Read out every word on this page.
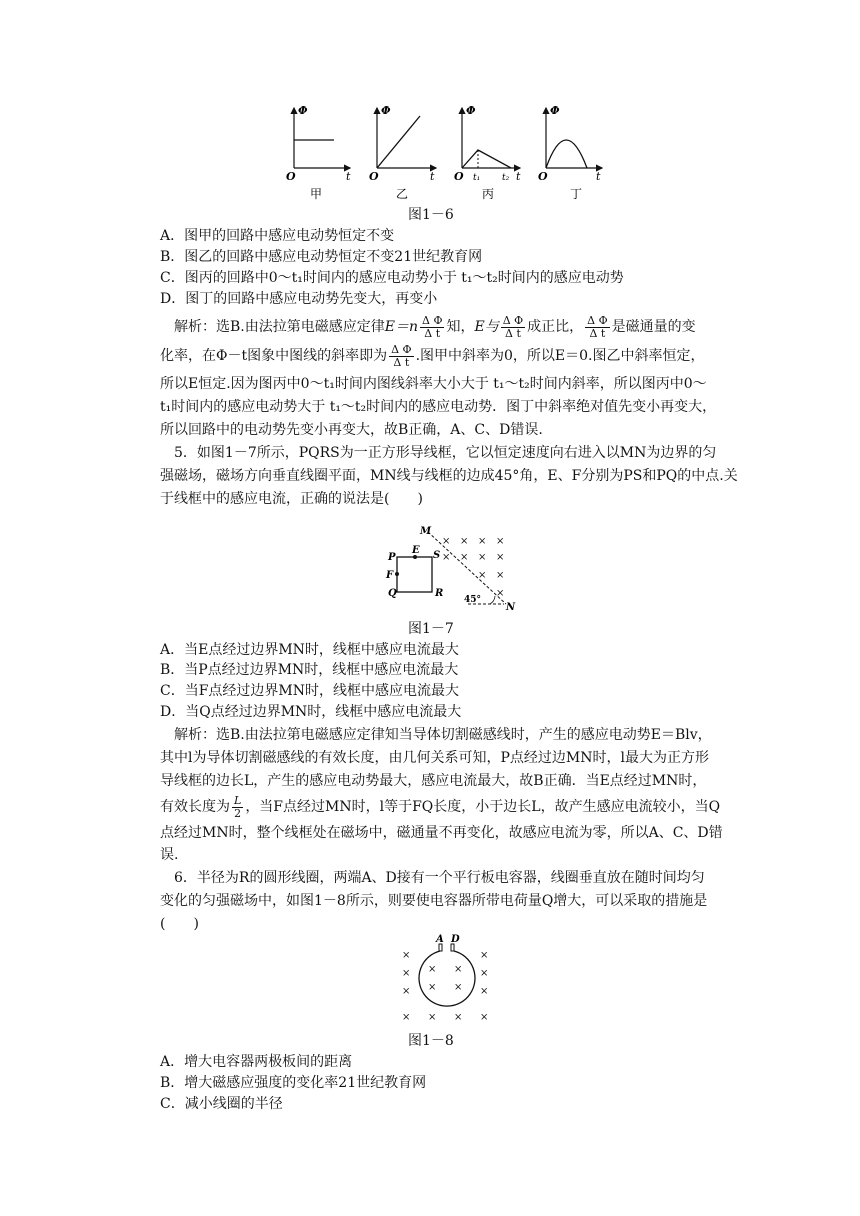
Φ
O	t
甲
Φ
O	t
乙
Φ
O t₁ t₂ t
丙
Φ
O	t
丁
图1－6
A．图甲的回路中感应电动势恒定不变
B．图乙的回路中感应电动势恒定不变21世纪教育网
C．图丙的回路中0～t₁时间内的感应电动势小于 t₁～t₂时间内的感应电动势
D．图丁的回路中感应电动势先变大，再变小
解析：选B.由法拉第电磁感应定律$E=n \frac{\text{Δ Φ}}{\text{Δ t}}$ 知，E与 $\frac{\text{Δ Φ}}{\text{Δ t}}$ 成正比， $\frac{\text{Δ Φ}}{\text{Δ t}}$ 是磁通量的变
化率，在Φ－t图象中图线的斜率即为 $\frac{\text{Δ Φ}}{\text{Δ t}}$ .图甲中斜率为0，所以E＝0.图乙中斜率恒定，
所以E恒定.因为图丙中0～t₁时间内图线斜率大小大于 t₁～t₂时间内斜率，所以图丙中0～
t₁时间内的感应电动势大于 t₁～t₂时间内的感应电动势．图丁中斜率绝对值先变小再变大，
所以回路中的电动势先变小再变大，故B正确，A、C、D错误.
5．如图1－7所示，PQRS为一正方形导线框，它以恒定速度向右进入以MN为边界的匀
强磁场，磁场方向垂直线圈平面，MN线与线框的边成45°角，E、F分别为PS和PQ的中点.关
于线框中的感应电流，正确的说法是(　　)
× × × ×
× × × ×
× ×
×
M
N
P
Q	R
S
E
F
45°
图1－7
A．当E点经过边界MN时，线框中感应电流最大
B．当P点经过边界MN时，线框中感应电流最大
C．当F点经过边界MN时，线框中感应电流最大
D．当Q点经过边界MN时，线框中感应电流最大
解析：选B.由法拉第电磁感应定律知当导体切割磁感线时，产生的感应电动势E＝Blv，
其中l为导体切割磁感线的有效长度，由几何关系可知，P点经过边MN时，l最大为正方形
导线框的边长L，产生的感应电动势最大，感应电流最大，故B正确．当E点经过MN时，
有效长度为 $\frac{L}{2}$ ，当F点经过MN时，l等于FQ长度，小于边长L，故产生感应电流较小，当Q
点经过MN时，整个线框处在磁场中，磁通量不再变化，故感应电流为零，所以A、C、D错
误.
6．半径为R的圆形线圈，两端A、D接有一个平行板电容器，线圈垂直放在随时间均匀
变化的匀强磁场中，如图1－8所示，则要使电容器所带电荷量Q增大，可以采取的措施是
(　　)
×	×
× × × ×
× × × ×
× × × ×
A D
图1－8
A．增大电容器两极板间的距离
B．增大磁感应强度的变化率21世纪教育网
C．减小线圈的半径
